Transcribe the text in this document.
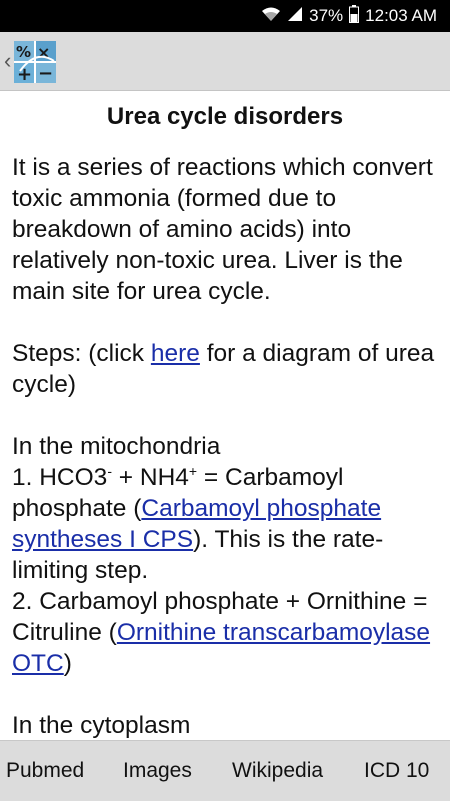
37% 12:03 AM
‹ % ×
+ −
Urea cycle disorders

It is a series of reactions which convert toxic ammonia (formed due to breakdown of amino acids) into relatively non-toxic urea. Liver is the main site for urea cycle.

Steps: (click here for a diagram of urea cycle)

In the mitochondria

1. HCO3- + NH4+ = Carbamoyl phosphate (Carbamoyl phosphate syntheses I CPS). This is the rate-limiting step.

2. Carbamoyl phosphate + Ornithine = Citruline (Ornithine transcarbamoylase OTC)

In the cytoplasm

Pubmed Images Wikipedia ICD 10
